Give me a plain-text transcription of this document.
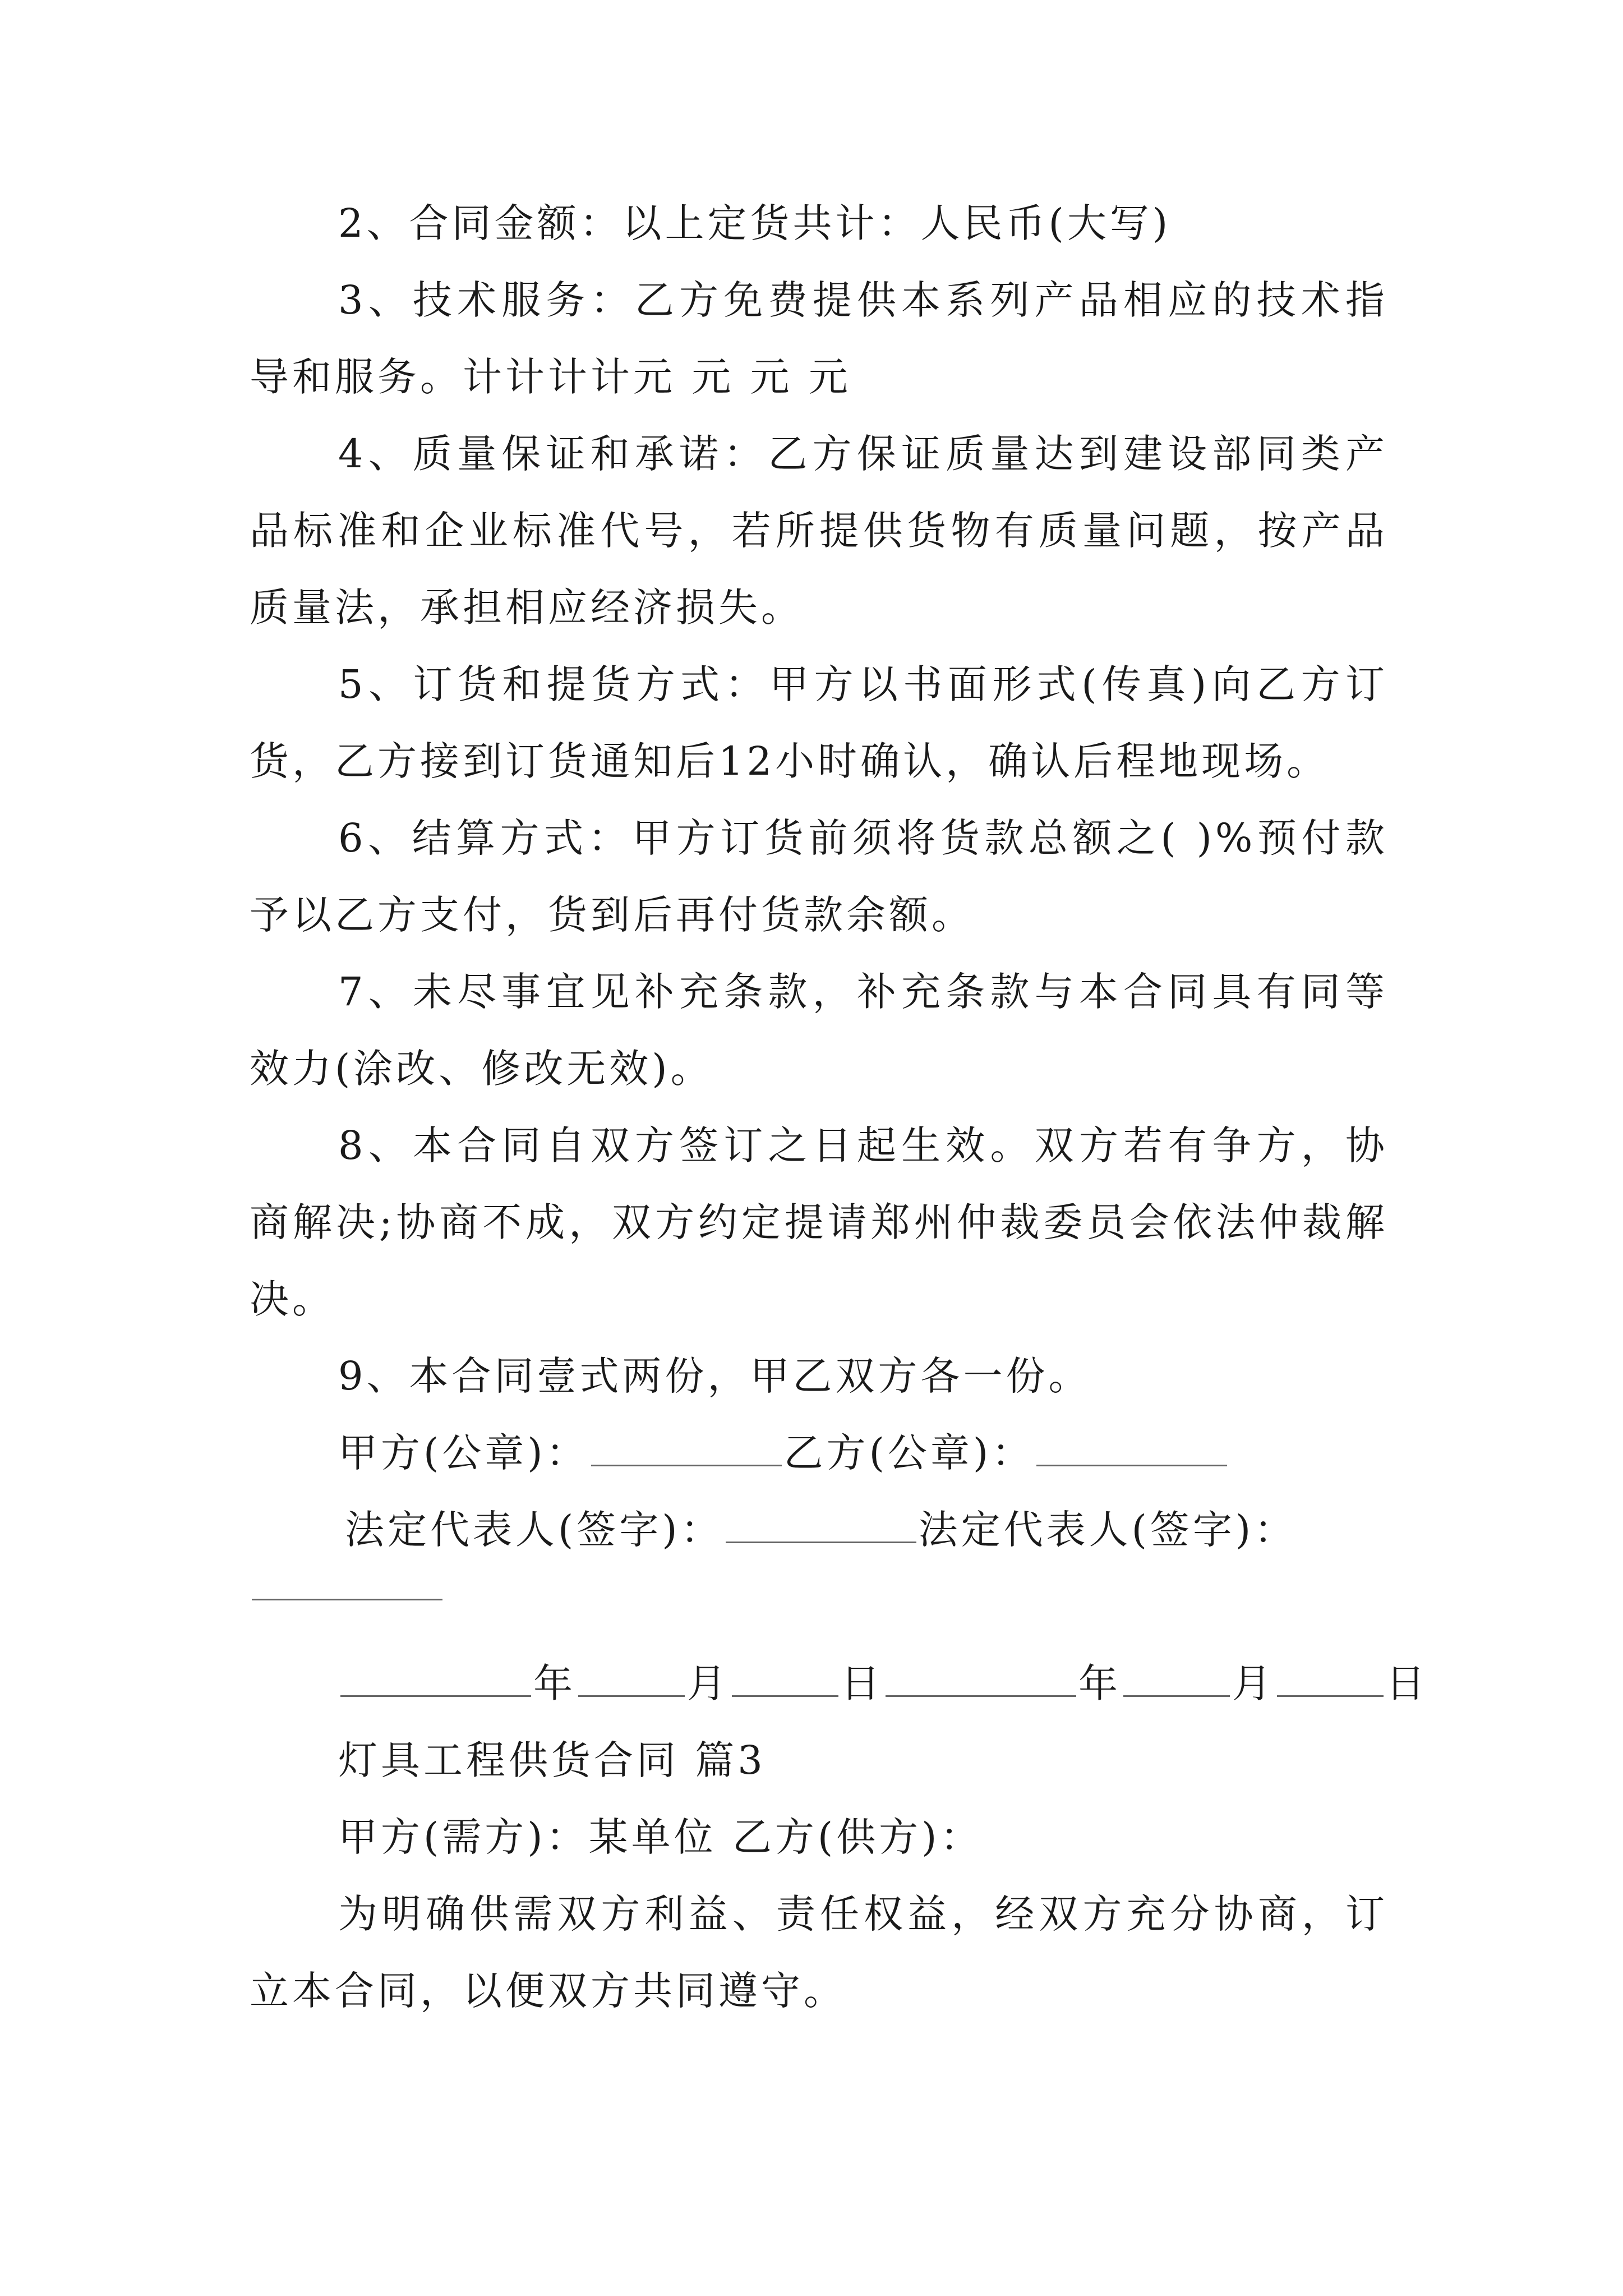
2、合同金额：以上定货共计：人民币(大写)

3、技术服务：乙方免费提供本系列产品相应的技术指导和服务。计计计计元 元 元 元

4、质量保证和承诺：乙方保证质量达到建设部同类产品标准和企业标准代号，若所提供货物有质量问题，按产品质量法，承担相应经济损失。

5、订货和提货方式：甲方以书面形式(传真)向乙方订货，乙方接到订货通知后12小时确认，确认后程地现场。

6、结算方式：甲方订货前须将货款总额之( )%预付款予以乙方支付，货到后再付货款余额。

7、未尽事宜见补充条款，补充条款与本合同具有同等效力(涂改、修改无效)。

8、本合同自双方签订之日起生效。双方若有争方，协商解决;协商不成，双方约定提请郑州仲裁委员会依法仲裁解决。

9、本合同壹式两份，甲乙双方各一份。

甲方(公章)：	乙方(公章)：
法定代表人(签字)：	法定代表人(签字)：
年	月	日	年	月	日
灯具工程供货合同 篇3
甲方(需方)：某单位 乙方(供方)：

为明确供需双方利益、责任权益，经双方充分协商，订立本合同，以便双方共同遵守。
